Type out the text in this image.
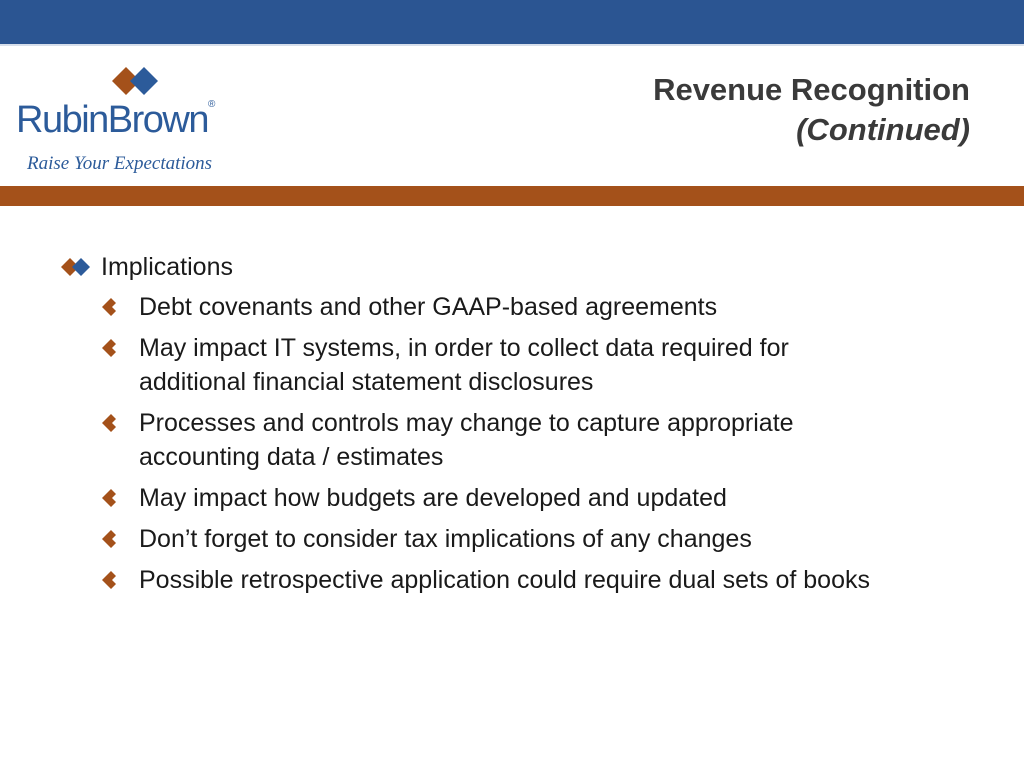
RubinBrown®
Raise Your Expectations
Revenue Recognition
(Continued)
Implications
Debt covenants and other GAAP-based agreements
May impact IT systems, in order to collect data required for additional financial statement disclosures
Processes and controls may change to capture appropriate accounting data / estimates
May impact how budgets are developed and updated
Don’t forget to consider tax implications of any changes
Possible retrospective application could require dual sets of books
